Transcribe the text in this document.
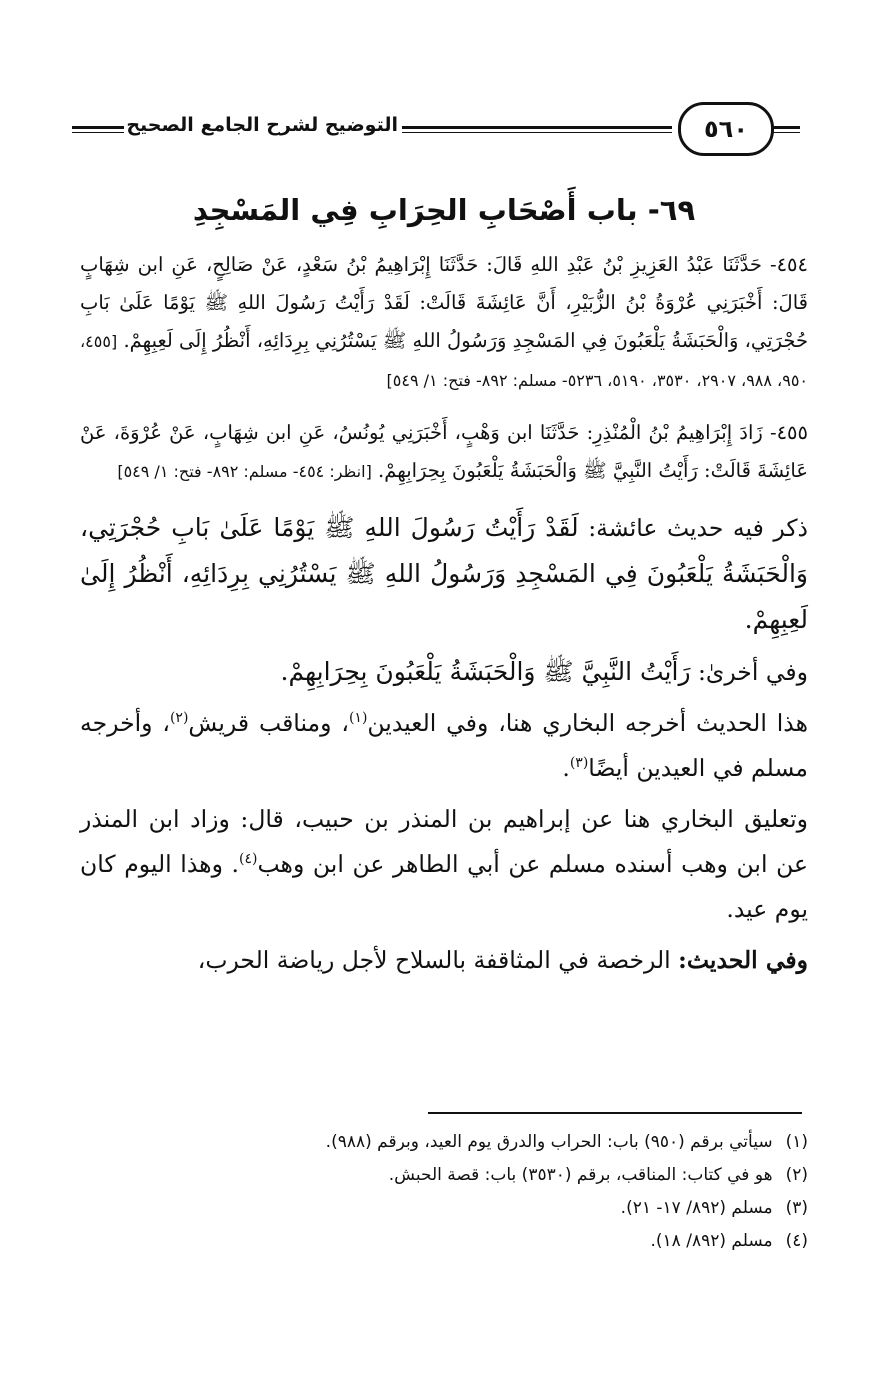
التوضيح لشرح الجامع الصحيح	٥٦٠
٦٩- باب أَصْحَابِ الحِرَابِ فِي المَسْجِدِ

٤٥٤- حَدَّثَنَا عَبْدُ العَزِيزِ بْنُ عَبْدِ اللهِ قَالَ: حَدَّثَنَا إِبْرَاهِيمُ بْنُ سَعْدٍ، عَنْ صَالِحٍ، عَنِ ابن شِهَابٍ قَالَ: أَخْبَرَنِي عُرْوَةُ بْنُ الزُّبَيْرِ، أَنَّ عَائِشَةَ قَالَتْ: لَقَدْ رَأَيْتُ رَسُولَ اللهِ ﷺ يَوْمًا عَلَىٰ بَابِ حُجْرَتِي، وَالْحَبَشَةُ يَلْعَبُونَ فِي المَسْجِدِ وَرَسُولُ اللهِ ﷺ يَسْتُرُنِي بِرِدَائِهِ، أَنْظُرُ إِلَى لَعِبِهِمْ. [٤٥٥، ٩٥٠، ٩٨٨، ٢٩٠٧، ٣٥٣٠، ٥١٩٠، ٥٢٣٦- مسلم: ٨٩٢- فتح: ١/ ٥٤٩]

٤٥٥- زَادَ إِبْرَاهِيمُ بْنُ الْمُنْذِرِ: حَدَّثَنَا ابن وَهْبٍ، أَخْبَرَنِي يُونُسُ، عَنِ ابن شِهَابٍ، عَنْ عُرْوَةَ، عَنْ عَائِشَةَ قَالَتْ: رَأَيْتُ النَّبِيَّ ﷺ وَالْحَبَشَةُ يَلْعَبُونَ بِحِرَابِهِمْ. [انظر: ٤٥٤- مسلم: ٨٩٢- فتح: ١/ ٥٤٩]

ذكر فيه حديث عائشة: لَقَدْ رَأَيْتُ رَسُولَ اللهِ ﷺ يَوْمًا عَلَىٰ بَابِ حُجْرَتِي، وَالْحَبَشَةُ يَلْعَبُونَ فِي المَسْجِدِ وَرَسُولُ اللهِ ﷺ يَسْتُرُنِي بِرِدَائِهِ، أَنْظُرُ إِلَىٰ لَعِبِهِمْ.

وفي أخرىٰ: رَأَيْتُ النَّبِيَّ ﷺ وَالْحَبَشَةُ يَلْعَبُونَ بِحِرَابِهِمْ.

هذا الحديث أخرجه البخاري هنا، وفي العيدين$^{(١)}$، ومناقب قريش$^{(٢)}$، وأخرجه مسلم في العيدين أيضًا$^{(٣)}$.

وتعليق البخاري هنا عن إبراهيم بن المنذر بن حبيب، قال: وزاد ابن المنذر عن ابن وهب أسنده مسلم عن أبي الطاهر عن ابن وهب$^{(٤)}$. وهذا اليوم كان يوم عيد.

وفي الحديث: الرخصة في المثاقفة بالسلاح لأجل رياضة الحرب،

(١) سيأتي برقم (٩٥٠) باب: الحراب والدرق يوم العيد، وبرقم (٩٨٨).
(٢) هو في كتاب: المناقب، برقم (٣٥٣٠) باب: قصة الحبش.
(٣) مسلم (٨٩٢/ ١٧- ٢١).
(٤) مسلم (٨٩٢/ ١٨).
